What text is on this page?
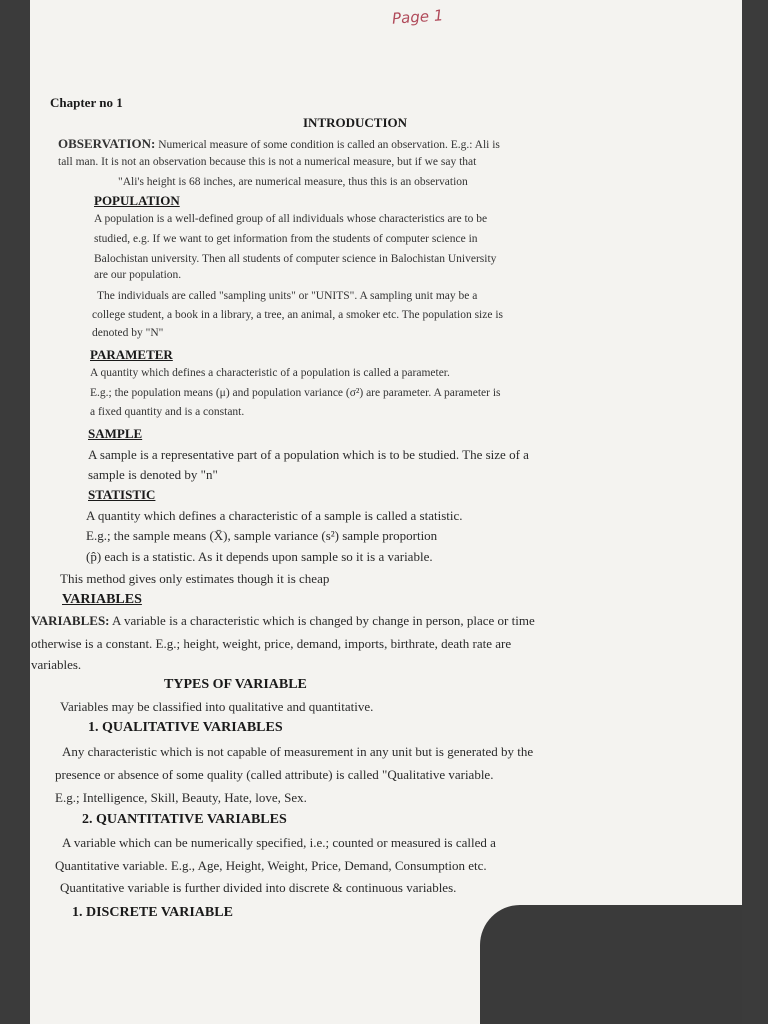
Page 1
Chapter no 1
INTRODUCTION
OBSERVATION: Numerical measure of some condition is called an observation. E.g.: Ali is
tall man. It is not an observation because this is not a numerical measure, but if we say that
"Ali's height is 68 inches, are numerical measure, thus this is an observation
POPULATION
A population is a well-defined group of all individuals whose characteristics are to be
studied, e.g. If we want to get information from the students of computer science in
Balochistan university. Then all students of computer science in Balochistan University
are our population.
The individuals are called "sampling units" or "UNITS". A sampling unit may be a
college student, a book in a library, a tree, an animal, a smoker etc. The population size is
denoted by "N"
PARAMETER
A quantity which defines a characteristic of a population is called a parameter.
E.g.; the population means (μ) and population variance (σ²) are parameter. A parameter is
a fixed quantity and is a constant.
SAMPLE
A sample is a representative part of a population which is to be studied. The size of a
sample is denoted by "n"
STATISTIC
A quantity which defines a characteristic of a sample is called a statistic.
E.g.; the sample means (X̄), sample variance (s²) sample proportion
(p̂) each is a statistic. As it depends upon sample so it is a variable.
This method gives only estimates though it is cheap
VARIABLES
VARIABLES: A variable is a characteristic which is changed by change in person, place or time
otherwise is a constant. E.g.; height, weight, price, demand, imports, birthrate, death rate are
variables.
TYPES OF VARIABLE
Variables may be classified into qualitative and quantitative.
1. QUALITATIVE VARIABLES
Any characteristic which is not capable of measurement in any unit but is generated by the
presence or absence of some quality (called attribute) is called "Qualitative variable.
E.g.; Intelligence, Skill, Beauty, Hate, love, Sex.
2. QUANTITATIVE VARIABLES
A variable which can be numerically specified, i.e.; counted or measured is called a
Quantitative variable. E.g., Age, Height, Weight, Price, Demand, Consumption etc.
Quantitative variable is further divided into discrete & continuous variables.
1. DISCRETE VARIABLE
